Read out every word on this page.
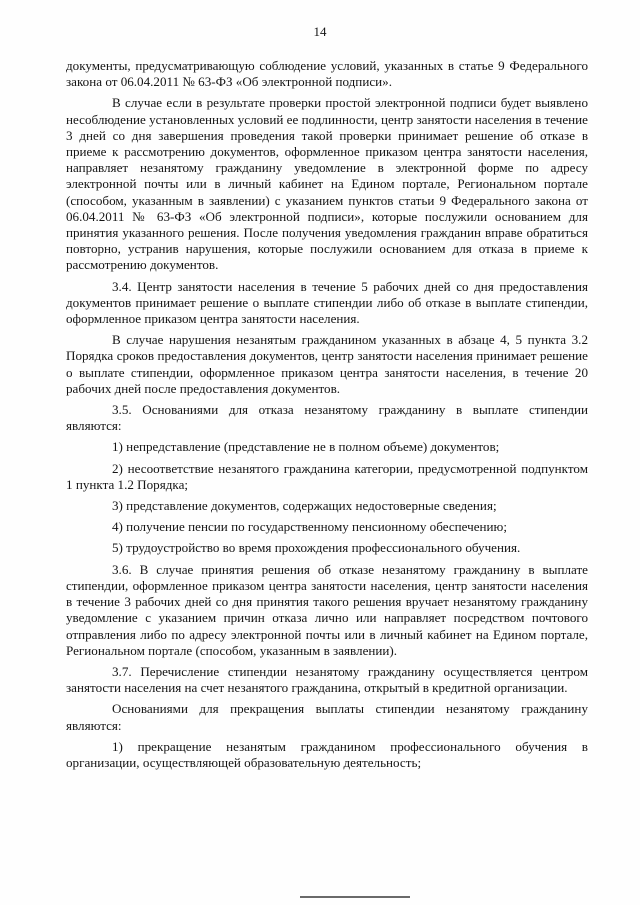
14

документы, предусматривающую соблюдение условий, указанных в статье 9 Федерального закона от 06.04.2011 № 63-ФЗ «Об электронной подписи».

В случае если в результате проверки простой электронной подписи будет выявлено несоблюдение установленных условий ее подлинности, центр занятости населения в течение 3 дней со дня завершения проведения такой проверки принимает решение об отказе в приеме к рассмотрению документов, оформленное приказом центра занятости населения, направляет незанятому гражданину уведомление в электронной форме по адресу электронной почты или в личный кабинет на Едином портале, Региональном портале (способом, указанным в заявлении) с указанием пунктов статьи 9 Федерального закона от 06.04.2011 № 63-ФЗ «Об электронной подписи», которые послужили основанием для принятия указанного решения. После получения уведомления гражданин вправе обратиться повторно, устранив нарушения, которые послужили основанием для отказа в приеме к рассмотрению документов.

3.4. Центр занятости населения в течение 5 рабочих дней со дня предоставления документов принимает решение о выплате стипендии либо об отказе в выплате стипендии, оформленное приказом центра занятости населения.

В случае нарушения незанятым гражданином указанных в абзаце 4, 5 пункта 3.2 Порядка сроков предоставления документов, центр занятости населения принимает решение о выплате стипендии, оформленное приказом центра занятости населения, в течение 20 рабочих дней после предоставления документов.

3.5. Основаниями для отказа незанятому гражданину в выплате стипендии являются:

1) непредставление (представление не в полном объеме) документов;

2) несоответствие незанятого гражданина категории, предусмотренной подпунктом 1 пункта 1.2 Порядка;

3) представление документов, содержащих недостоверные сведения;

4) получение пенсии по государственному пенсионному обеспечению;

5) трудоустройство во время прохождения профессионального обучения.

3.6. В случае принятия решения об отказе незанятому гражданину в выплате стипендии, оформленное приказом центра занятости населения, центр занятости населения в течение 3 рабочих дней со дня принятия такого решения вручает незанятому гражданину уведомление с указанием причин отказа лично или направляет посредством почтового отправления либо по адресу электронной почты или в личный кабинет на Едином портале, Региональном портале (способом, указанным в заявлении).

3.7. Перечисление стипендии незанятому гражданину осуществляется центром занятости населения на счет незанятого гражданина, открытый в кредитной организации.

Основаниями для прекращения выплаты стипендии незанятому гражданину являются:

1) прекращение незанятым гражданином профессионального обучения в организации, осуществляющей образовательную деятельность;
